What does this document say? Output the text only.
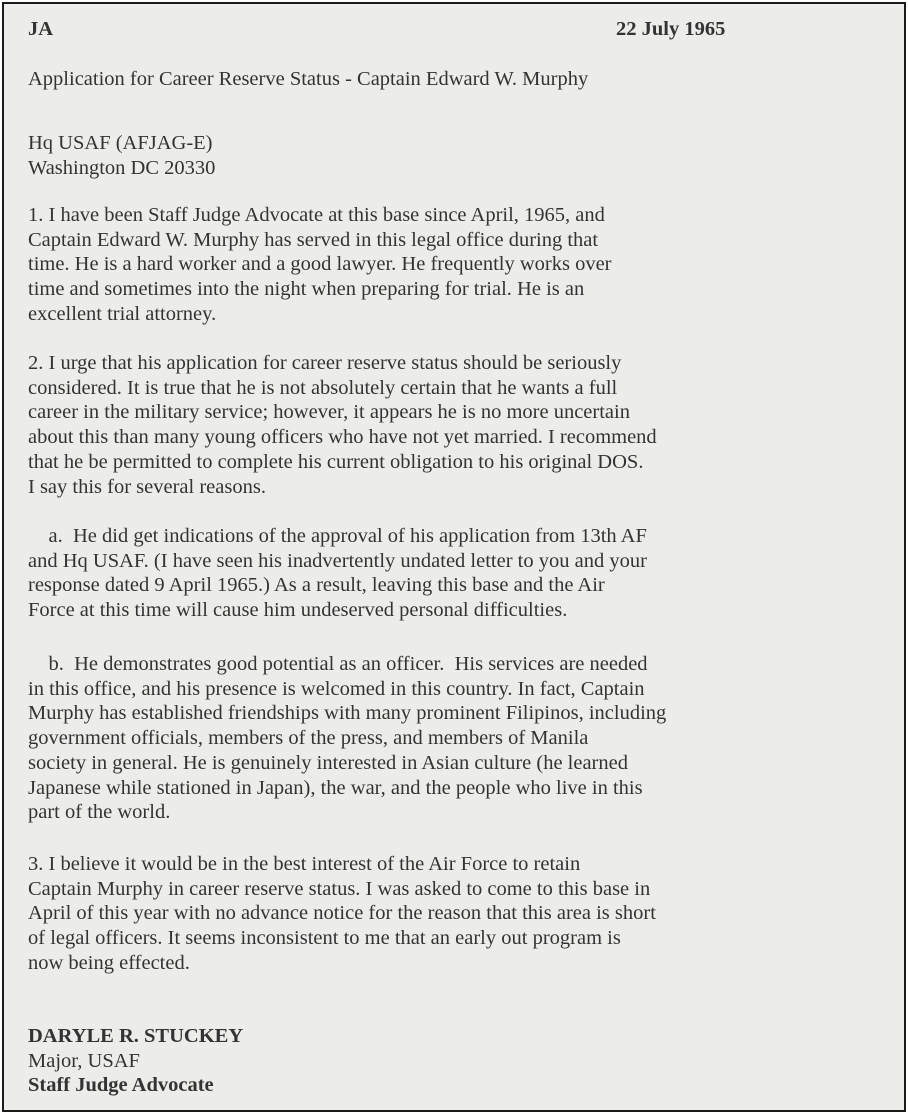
JA	22 July 1965
Application for Career Reserve Status - Captain Edward W. Murphy
Hq USAF (AFJAG-E)
Washington DC 20330
1. I have been Staff Judge Advocate at this base since April, 1965, and
Captain Edward W. Murphy has served in this legal office during that
time. He is a hard worker and a good lawyer. He frequently works over
time and sometimes into the night when preparing for trial. He is an
excellent trial attorney.
2. I urge that his application for career reserve status should be seriously
considered. It is true that he is not absolutely certain that he wants a full
career in the military service; however, it appears he is no more uncertain
about this than many young officers who have not yet married. I recommend
that he be permitted to complete his current obligation to his original DOS.
I say this for several reasons.
a.  He did get indications of the approval of his application from 13th AF
and Hq USAF. (I have seen his inadvertently undated letter to you and your
response dated 9 April 1965.) As a result, leaving this base and the Air
Force at this time will cause him undeserved personal difficulties.
b.  He demonstrates good potential as an officer.  His services are needed
in this office, and his presence is welcomed in this country. In fact, Captain
Murphy has established friendships with many prominent Filipinos, including
government officials, members of the press, and members of Manila
society in general. He is genuinely interested in Asian culture (he learned
Japanese while stationed in Japan), the war, and the people who live in this
part of the world.
3. I believe it would be in the best interest of the Air Force to retain
Captain Murphy in career reserve status. I was asked to come to this base in
April of this year with no advance notice for the reason that this area is short
of legal officers. It seems inconsistent to me that an early out program is
now being effected.
DARYLE R. STUCKEY
Major, USAF
Staff Judge Advocate
